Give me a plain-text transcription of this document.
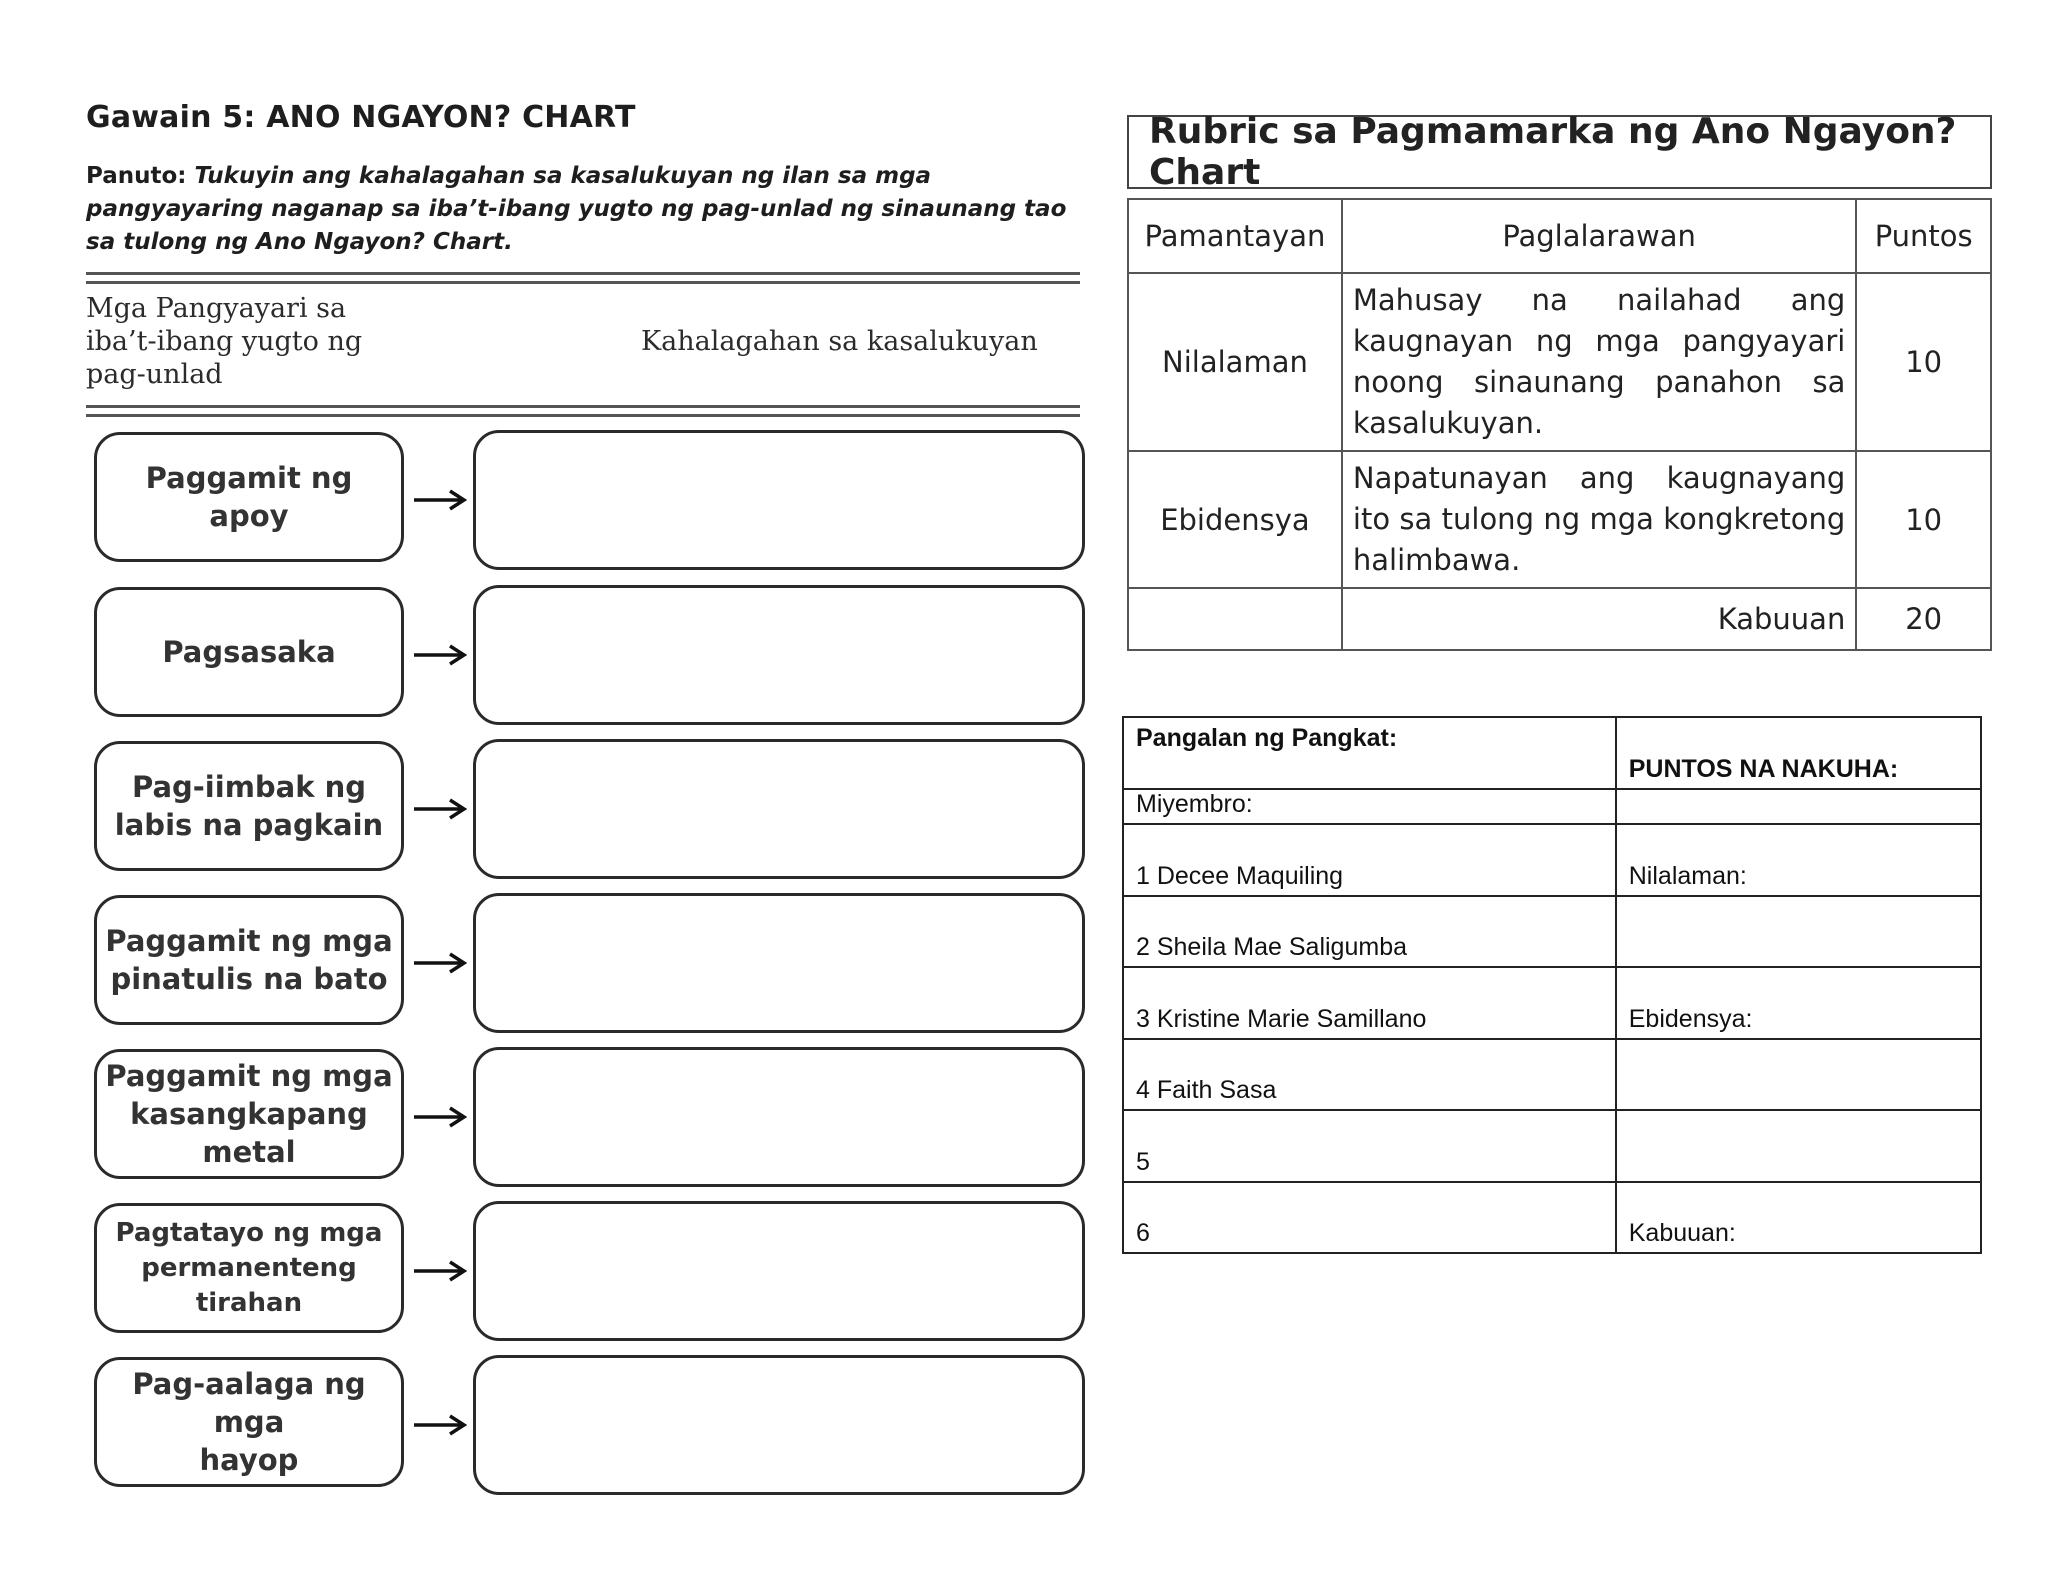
Gawain 5: ANO NGAYON? CHART
Panuto: Tukuyin ang kahalagahan sa kasalukuyan ng ilan sa mga pangyayaring naganap sa iba’t-ibang yugto ng pag-unlad ng sinaunang tao sa tulong ng Ano Ngayon? Chart.
Mga Pangyayari sa
iba’t-ibang yugto ng
pag-unlad
Kahalagahan sa kasalukuyan
Paggamit ng
apoy
Pagsasaka
Pag-iimbak ng
labis na pagkain
Paggamit ng mga
pinatulis na bato
Paggamit ng mga
kasangkapang
metal
Pagtatayo ng mga
permanenteng
tirahan
Pag-aalaga ng mga
hayop
Rubric sa Pagmamarka ng Ano Ngayon? Chart
Pamantayan	Paglalarawan	Puntos
Nilalaman	Mahusay na nailahad ang kaugnayan ng mga pangyayari noong sinaunang panahon sa kasalukuyan.	10
Ebidensya	Napatunayan ang kaugnayang ito sa tulong ng mga kongkretong halimbawa.	10
	Kabuuan	20
Pangalan ng Pangkat:	PUNTOS NA NAKUHA:
Miyembro:	
1 Decee Maquiling	Nilalaman:
2 Sheila Mae Saligumba	
3 Kristine Marie Samillano	Ebidensya:
4 Faith Sasa	
5	
6	Kabuuan:
